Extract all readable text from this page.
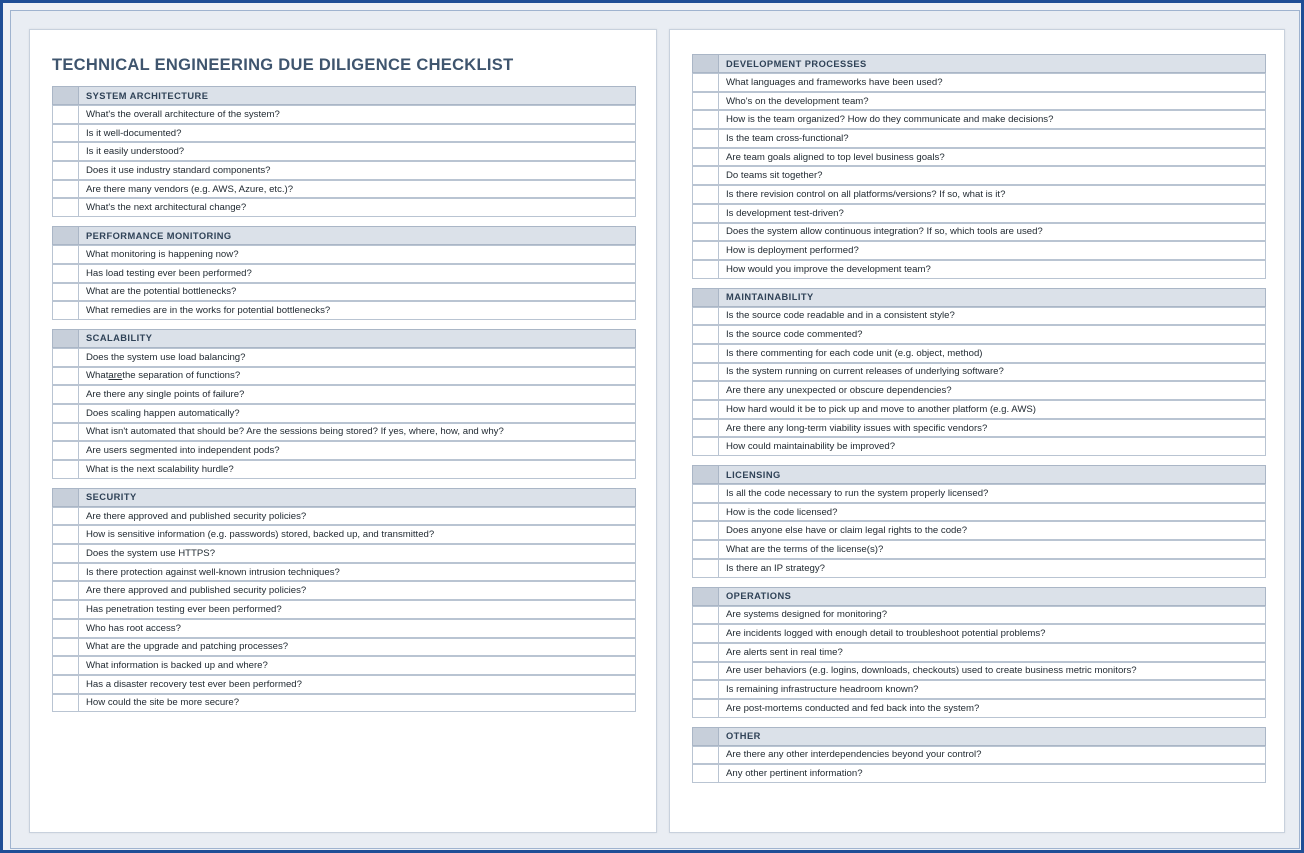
TECHNICAL ENGINEERING DUE DILIGENCE CHECKLIST
SYSTEM ARCHITECTURE
What's the overall architecture of the system?
Is it well-documented?
Is it easily understood?
Does it use industry standard components?
Are there many vendors (e.g. AWS, Azure, etc.)?
What's the next architectural change?
PERFORMANCE MONITORING
What monitoring is happening now?
Has load testing ever been performed?
What are the potential bottlenecks?
What remedies are in the works for potential bottlenecks?
SCALABILITY
Does the system use load balancing?
What are the separation of functions?
Are there any single points of failure?
Does scaling happen automatically?
What isn't automated that should be? Are the sessions being stored? If yes, where, how, and why?
Are users segmented into independent pods?
What is the next scalability hurdle?
SECURITY
Are there approved and published security policies?
How is sensitive information (e.g. passwords) stored, backed up, and transmitted?
Does the system use HTTPS?
Is there protection against well-known intrusion techniques?
Are there approved and published security policies?
Has penetration testing ever been performed?
Who has root access?
What are the upgrade and patching processes?
What information is backed up and where?
Has a disaster recovery test ever been performed?
How could the site be more secure?
DEVELOPMENT PROCESSES
What languages and frameworks have been used?
Who's on the development team?
How is the team organized? How do they communicate and make decisions?
Is the team cross-functional?
Are team goals aligned to top level business goals?
Do teams sit together?
Is there revision control on all platforms/versions? If so, what is it?
Is development test-driven?
Does the system allow continuous integration? If so, which tools are used?
How is deployment performed?
How would you improve the development team?
MAINTAINABILITY
Is the source code readable and in a consistent style?
Is the source code commented?
Is there commenting for each code unit (e.g. object, method)
Is the system running on current releases of underlying software?
Are there any unexpected or obscure dependencies?
How hard would it be to pick up and move to another platform (e.g. AWS)
Are there any long-term viability issues with specific vendors?
How could maintainability be improved?
LICENSING
Is all the code necessary to run the system properly licensed?
How is the code licensed?
Does anyone else have or claim legal rights to the code?
What are the terms of the license(s)?
Is there an IP strategy?
OPERATIONS
Are systems designed for monitoring?
Are incidents logged with enough detail to troubleshoot potential problems?
Are alerts sent in real time?
Are user behaviors (e.g. logins, downloads, checkouts) used to create business metric monitors?
Is remaining infrastructure headroom known?
Are post-mortems conducted and fed back into the system?
OTHER
Are there any other interdependencies beyond your control?
Any other pertinent information?
